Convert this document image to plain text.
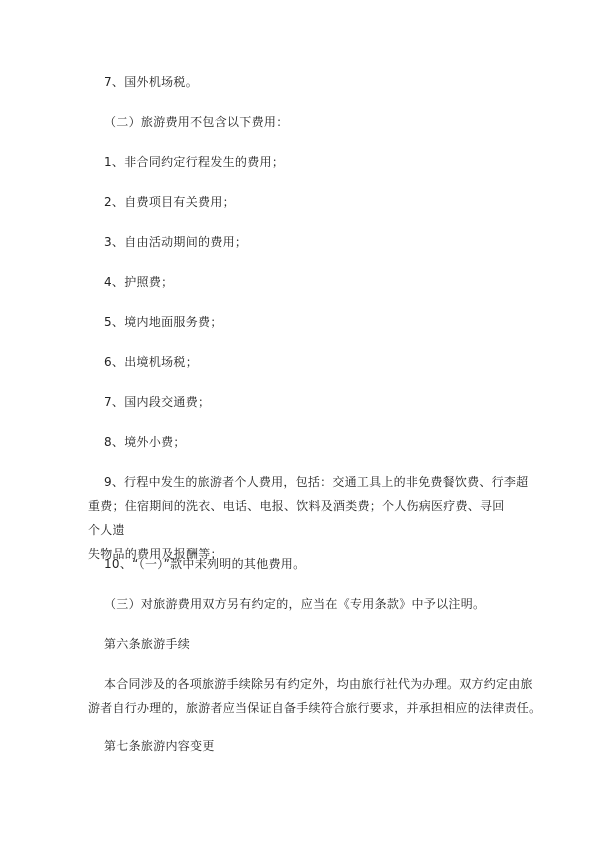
7、国外机场税。
（二）旅游费用不包含以下费用：
1、非合同约定行程发生的费用；
2、自费项目有关费用；
3、自由活动期间的费用；
4、护照费；
5、境内地面服务费；
6、出境机场税；
7、国内段交通费；
8、境外小费；
9、行程中发生的旅游者个人费用，包括：交通工具上的非免费餐饮费、行李超
重费；住宿期间的洗衣、电话、电报、饮料及酒类费；个人伤病医疗费、寻回个人遗
失物品的费用及报酬等；
10、“（一）”款中未列明的其他费用。
（三）对旅游费用双方另有约定的，应当在《专用条款》中予以注明。
第六条旅游手续
本合同涉及的各项旅游手续除另有约定外，均由旅行社代为办理。双方约定由旅
游者自行办理的，旅游者应当保证自备手续符合旅行要求，并承担相应的法律责任。
第七条旅游内容变更
